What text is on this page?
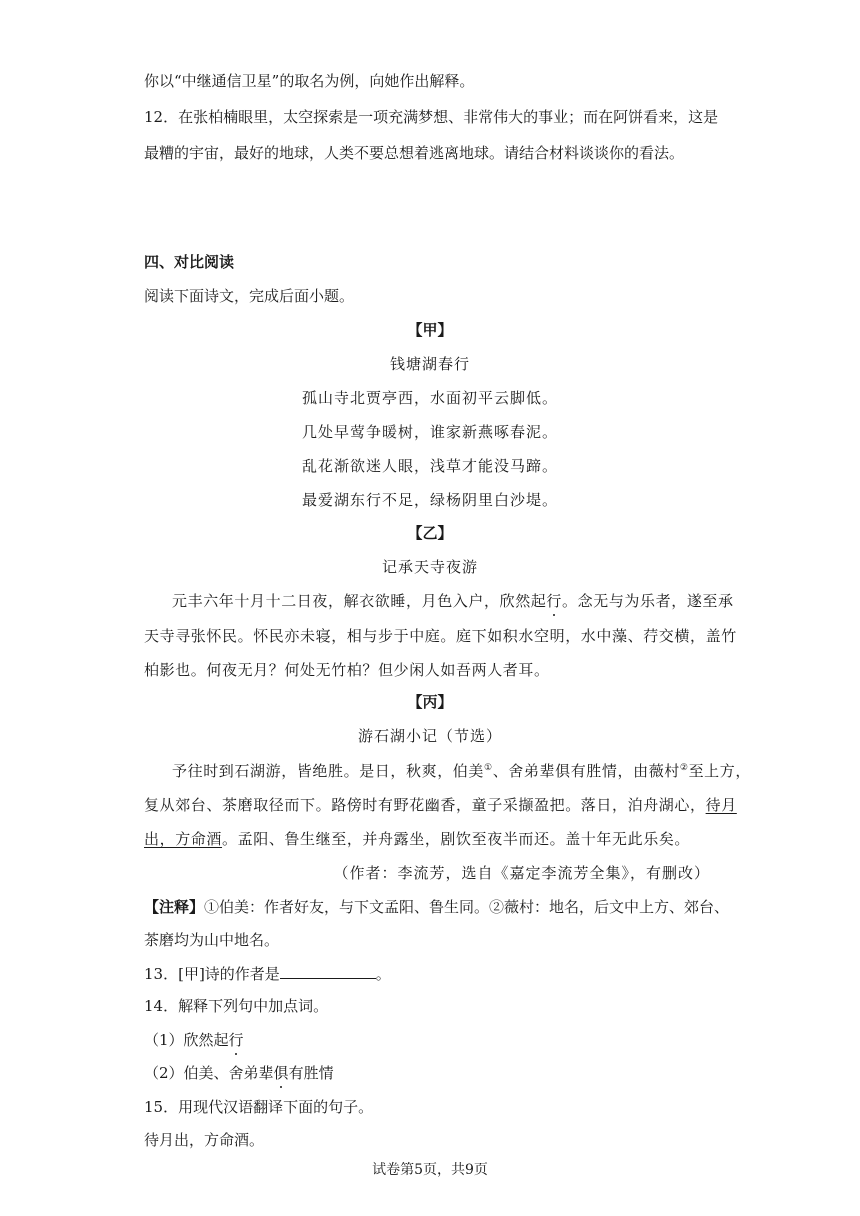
你以“中继通信卫星”的取名为例，向她作出解释。
12．在张柏楠眼里，太空探索是一项充满梦想、非常伟大的事业；而在阿饼看来，这是
最糟的宇宙，最好的地球，人类不要总想着逃离地球。请结合材料谈谈你的看法。
四、对比阅读
阅读下面诗文，完成后面小题。
【甲】
钱塘湖春行
孤山寺北贾亭西，水面初平云脚低。
几处早莺争暖树，谁家新燕啄春泥。
乱花渐欲迷人眼，浅草才能没马蹄。
最爱湖东行不足，绿杨阴里白沙堤。
【乙】
记承天寺夜游
元丰六年十月十二日夜，解衣欲睡，月色入户，欣然起行。念无与为乐者，遂至承
天寺寻张怀民。怀民亦未寝，相与步于中庭。庭下如积水空明，水中藻、荇交横，盖竹
柏影也。何夜无月？何处无竹柏？但少闲人如吾两人者耳。
【丙】
游石湖小记（节选）
予往时到石湖游，皆绝胜。是日，秋爽，伯美①、舍弟辈俱有胜情，由薇村②至上方，
复从郊台、茶磨取径而下。路傍时有野花幽香，童子采撷盈把。落日，泊舟湖心，待月
出，方命酒。孟阳、鲁生继至，并舟露坐，剧饮至夜半而还。盖十年无此乐矣。
（作者：李流芳，选自《嘉定李流芳全集》，有删改）
【注释】①伯美：作者好友，与下文孟阳、鲁生同。②薇村：地名，后文中上方、郊台、
茶磨均为山中地名。
13．[甲]诗的作者是	。
14．解释下列句中加点词。
（1）欣然起行
（2）伯美、舍弟辈俱有胜情
15．用现代汉语翻译下面的句子。
待月出，方命酒。
试卷第5页，共9页
